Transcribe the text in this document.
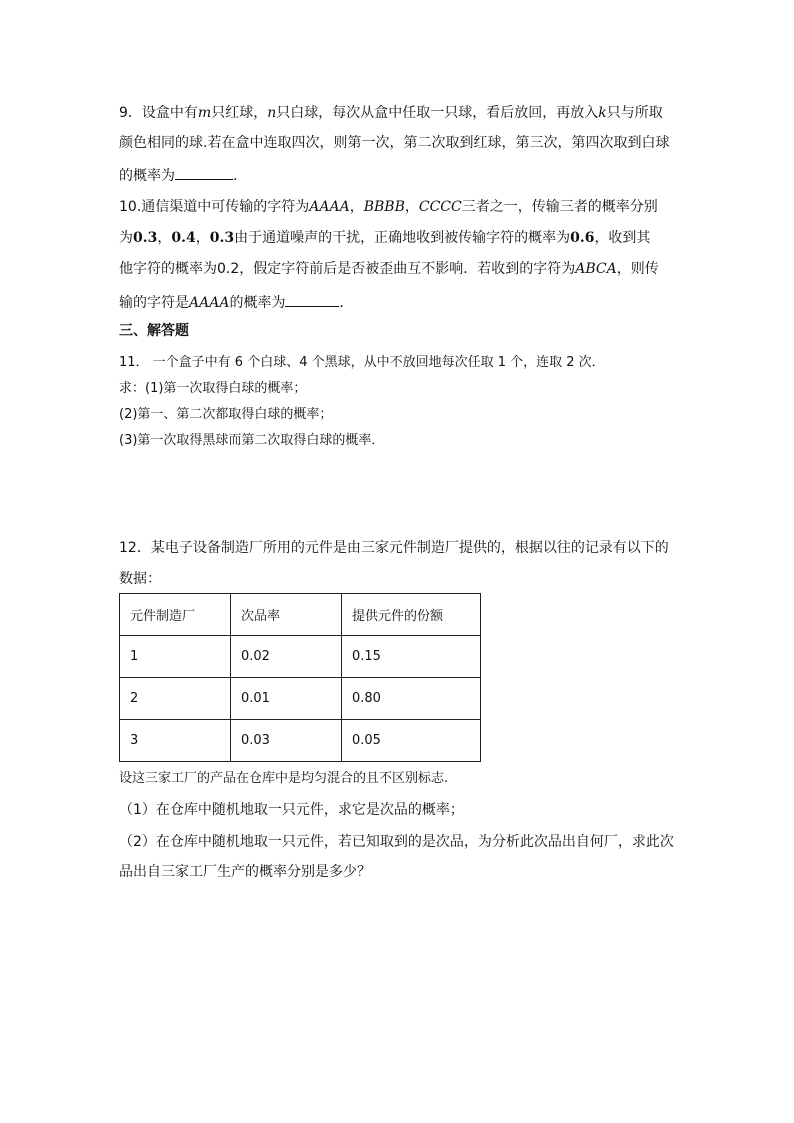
9．设盒中有m只红球，n只白球，每次从盒中任取一只球，看后放回，再放入k只与所取
颜色相同的球.若在盒中连取四次，则第一次，第二次取到红球，第三次，第四次取到白球
的概率为	.
10.通信渠道中可传输的字符为AAAA，BBBB，CCCC三者之一，传输三者的概率分别
为0.3，0.4，0.3由于通道噪声的干扰，正确地收到被传输字符的概率为0.6，收到其
他字符的概率为0.2，假定字符前后是否被歪曲互不影响．若收到的字符为ABCA，则传
输的字符是AAAA的概率为	．
三、解答题
11． 一个盒子中有 6 个白球、4 个黑球，从中不放回地每次任取 1 个，连取 2 次．
求：(1)第一次取得白球的概率；
(2)第一、第二次都取得白球的概率；
(3)第一次取得黑球而第二次取得白球的概率．
12．某电子设备制造厂所用的元件是由三家元件制造厂提供的，根据以往的记录有以下的
数据：
元件制造厂	次品率	提供元件的份额
1	0.02	0.15
2	0.01	0.80
3	0.03	0.05
设这三家工厂的产品在仓库中是均匀混合的且不区别标志.
（1）在仓库中随机地取一只元件，求它是次品的概率；
（2）在仓库中随机地取一只元件，若已知取到的是次品，为分析此次品出自何厂，求此次
品出自三家工厂生产的概率分别是多少？
